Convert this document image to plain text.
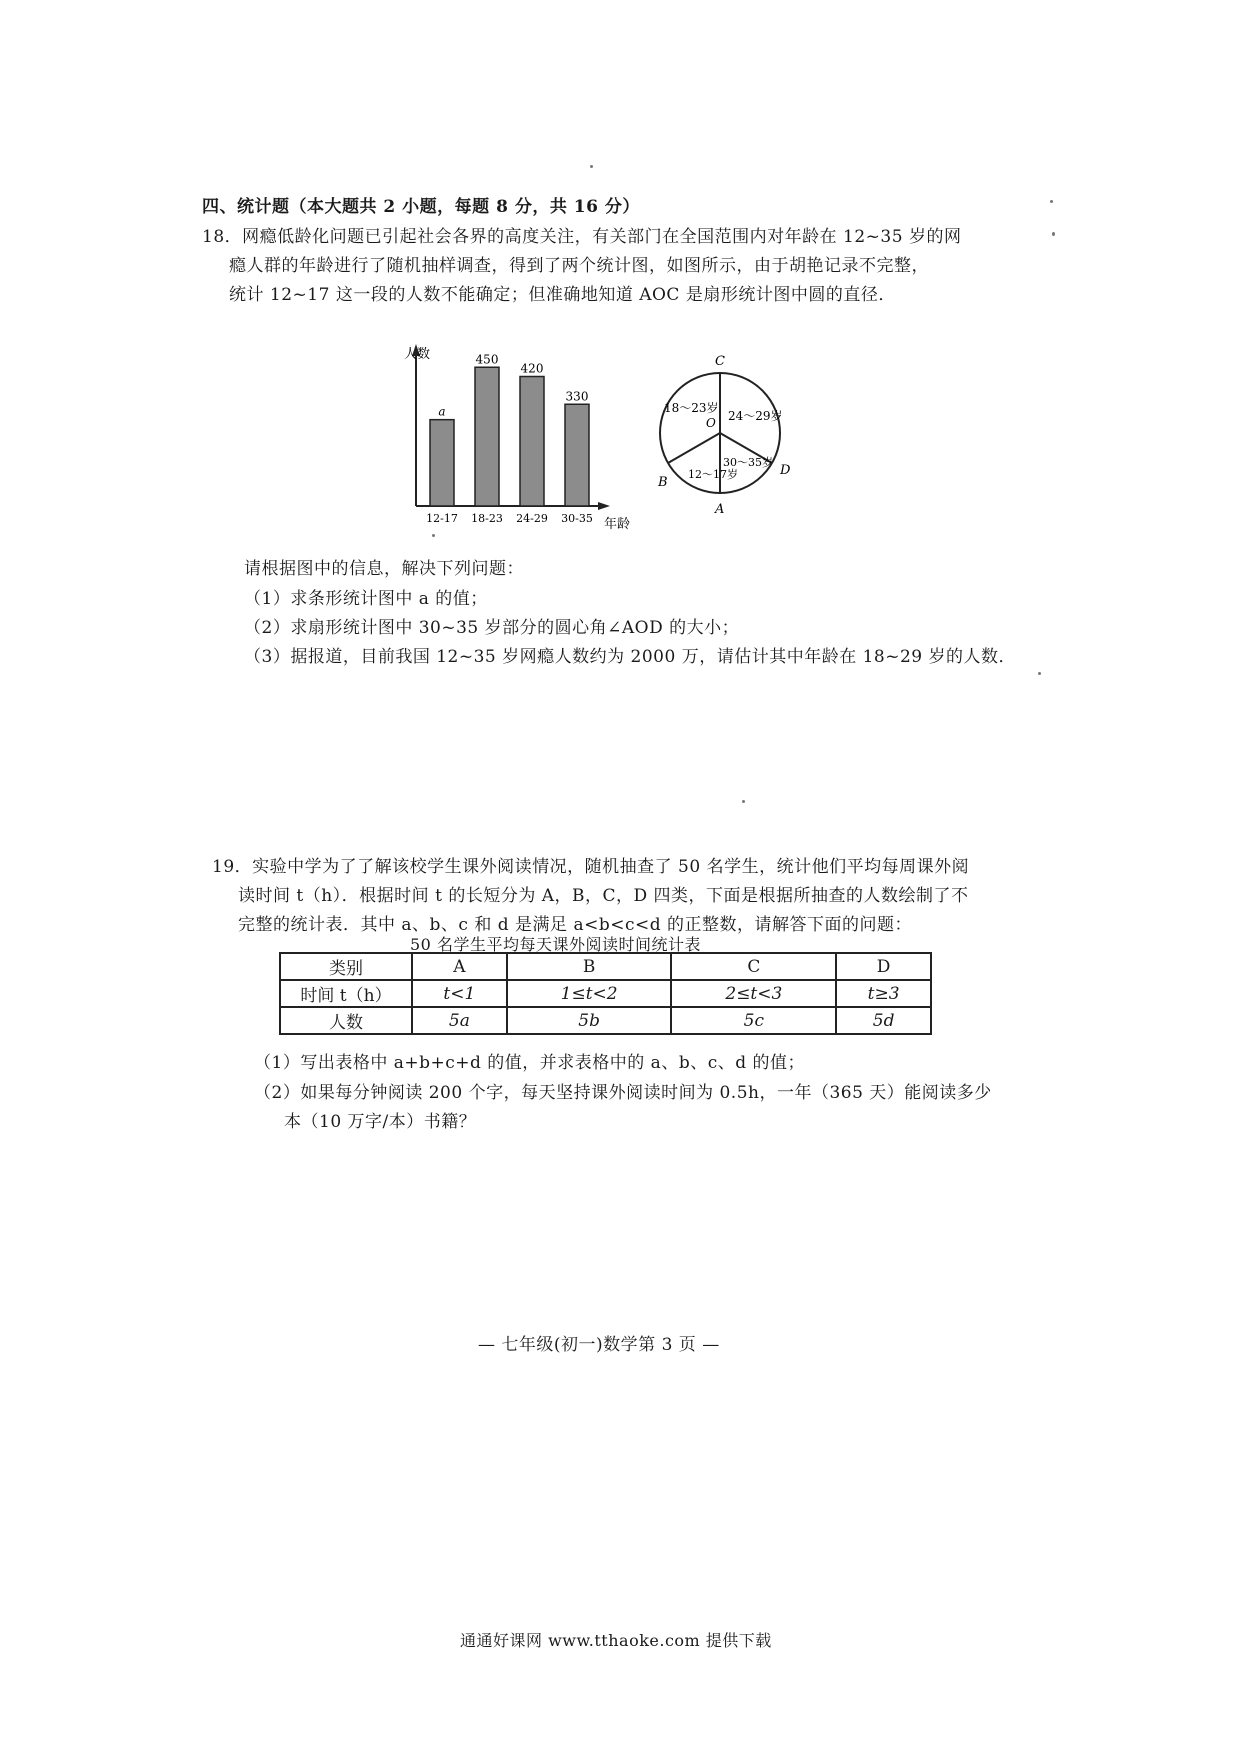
四、统计题（本大题共 2 小题，每题 8 分，共 16 分）
18．网瘾低龄化问题已引起社会各界的高度关注，有关部门在全国范围内对年龄在 12~35 岁的网
瘾人群的年龄进行了随机抽样调查，得到了两个统计图，如图所示，由于胡艳记录不完整，
统计 12~17 这一段的人数不能确定；但准确地知道 AOC 是扇形统计图中圆的直径．
人数
年龄
a
12-17
450
18-23
420
24-29
330
30-35
C
O
B
A
D
18～23岁
24～29岁
12～17岁
30～35岁
请根据图中的信息，解决下列问题：
（1）求条形统计图中 a 的值；
（2）求扇形统计图中 30~35 岁部分的圆心角∠AOD 的大小；
（3）据报道，目前我国 12~35 岁网瘾人数约为 2000 万，请估计其中年龄在 18~29 岁的人数．
19．实验中学为了了解该校学生课外阅读情况，随机抽查了 50 名学生，统计他们平均每周课外阅
读时间 t（h）．根据时间 t 的长短分为 A，B，C，D 四类，下面是根据所抽查的人数绘制了不
完整的统计表．其中 a、b、c 和 d 是满足 a<b<c<d 的正整数，请解答下面的问题：
50 名学生平均每天课外阅读时间统计表
类别	A	B	C	D
时间 t（h）	t<1	1≤t<2	2≤t<3	t≥3
人数	5a	5b	5c	5d
（1）写出表格中 a+b+c+d 的值，并求表格中的 a、b、c、d 的值；
（2）如果每分钟阅读 200 个字，每天坚持课外阅读时间为 0.5h，一年（365 天）能阅读多少
本（10 万字/本）书籍？
— 七年级(初一)数学第 3 页 —
通通好课网 www.tthaoke.com 提供下载
